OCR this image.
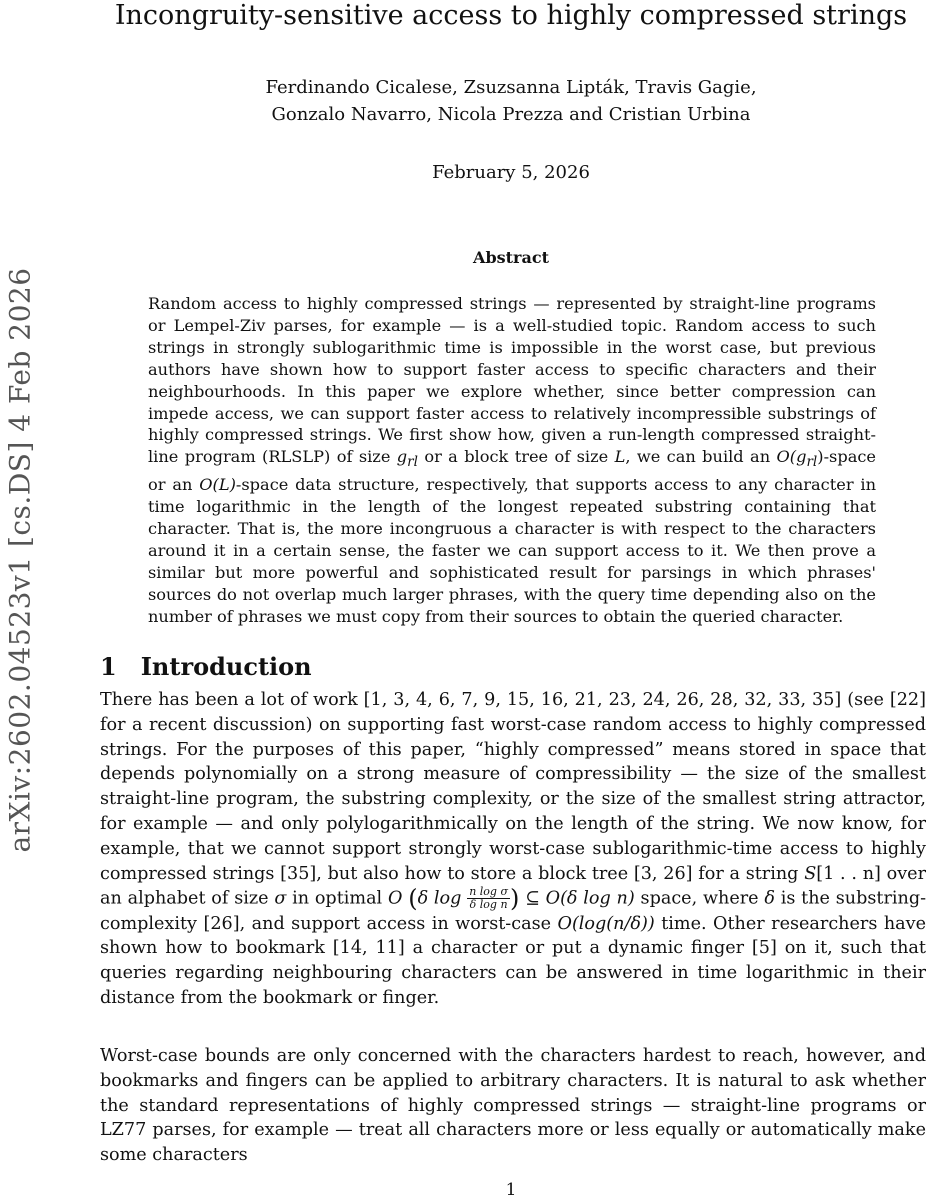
arXiv:2602.04523v1 [cs.DS] 4 Feb 2026
Incongruity-sensitive access to highly compressed strings
Ferdinando Cicalese, Zsuzsanna Lipták, Travis Gagie,
Gonzalo Navarro, Nicola Prezza and Cristian Urbina
February 5, 2026
Abstract
Random access to highly compressed strings — represented by straight-line programs or Lempel-Ziv parses, for example — is a well-studied topic. Random access to such strings in strongly sublogarithmic time is impossible in the worst case, but previous authors have shown how to support faster access to specific characters and their neighbourhoods. In this paper we explore whether, since better compression can impede access, we can support faster access to relatively incompressible substrings of highly compressed strings. We first show how, given a run-length compressed straight-line program (RLSLP) of size $g_{rl}$ or a block tree of size L, we can build an $O(g_{rl})$-space or an O(L)-space data structure, respectively, that supports access to any character in time logarithmic in the length of the longest repeated substring containing that character. That is, the more incongruous a character is with respect to the characters around it in a certain sense, the faster we can support access to it. We then prove a similar but more powerful and sophisticated result for parsings in which phrases' sources do not overlap much larger phrases, with the query time depending also on the number of phrases we must copy from their sources to obtain the queried character.
1 Introduction
There has been a lot of work [1, 3, 4, 6, 7, 9, 15, 16, 21, 23, 24, 26, 28, 32, 33, 35] (see [22] for a recent discussion) on supporting fast worst-case random access to highly compressed strings. For the purposes of this paper, “highly compressed” means stored in space that depends polynomially on a strong measure of compressibility — the size of the smallest straight-line program, the substring complexity, or the size of the smallest string attractor, for example — and only polylogarithmically on the length of the string. We now know, for example, that we cannot support strongly worst-case sublogarithmic-time access to highly compressed strings [35], but also how to store a block tree [3, 26] for a string S[1 . . n] over an alphabet of size σ in optimal O (δ $\log \frac{\text{n log σ}}{\text{δ log n}}$ ) ⊆ O(δ log n) space, where δ is the substring-complexity [26], and support access in worst-case O(log(n/δ)) time. Other researchers have shown how to bookmark [14, 11] a character or put a dynamic finger [5] on it, such that queries regarding neighbouring characters can be answered in time logarithmic in their distance from the bookmark or finger.
Worst-case bounds are only concerned with the characters hardest to reach, however, and bookmarks and fingers can be applied to arbitrary characters. It is natural to ask whether the standard representations of highly compressed strings — straight-line programs or LZ77 parses, for example — treat all characters more or less equally or automatically make some characters
1
